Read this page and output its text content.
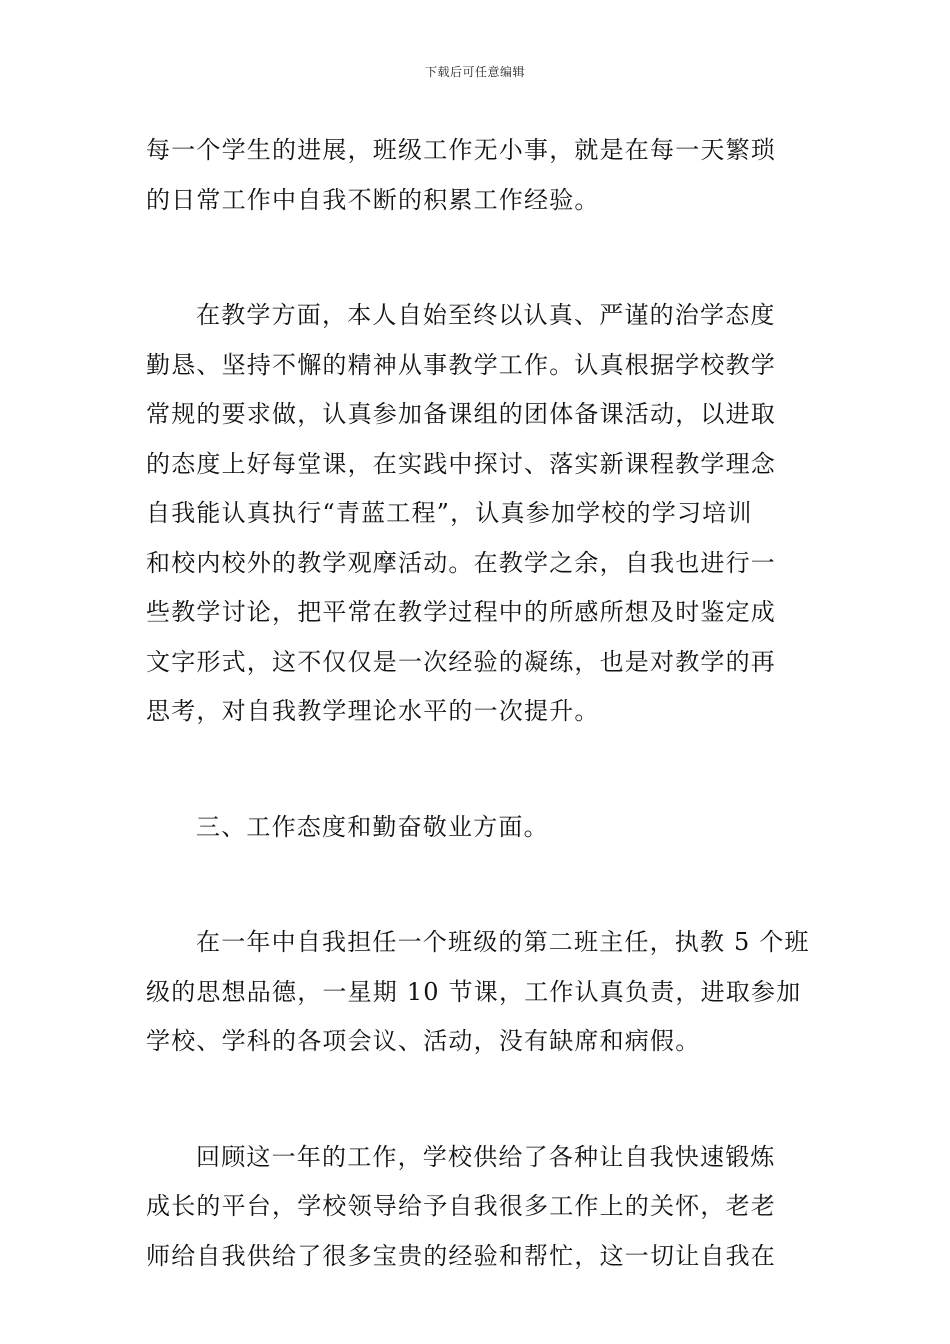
下载后可任意编辑
每一个学生的进展，班级工作无小事，就是在每一天繁琐
的日常工作中自我不断的积累工作经验。
在教学方面，本人自始至终以认真、严谨的治学态度
勤恳、坚持不懈的精神从事教学工作。认真根据学校教学
常规的要求做，认真参加备课组的团体备课活动，以进取
的态度上好每堂课，在实践中探讨、落实新课程教学理念
自我能认真执行“青蓝工程”，认真参加学校的学习培训
和校内校外的教学观摩活动。在教学之余，自我也进行一
些教学讨论，把平常在教学过程中的所感所想及时鉴定成
文字形式，这不仅仅是一次经验的凝练，也是对教学的再
思考，对自我教学理论水平的一次提升。
三、工作态度和勤奋敬业方面。
在一年中自我担任一个班级的第二班主任，执教 5 个班
级的思想品德，一星期 10 节课，工作认真负责，进取参加
学校、学科的各项会议、活动，没有缺席和病假。
回顾这一年的工作，学校供给了各种让自我快速锻炼
成长的平台，学校领导给予自我很多工作上的关怀，老老
师给自我供给了很多宝贵的经验和帮忙，这一切让自我在
